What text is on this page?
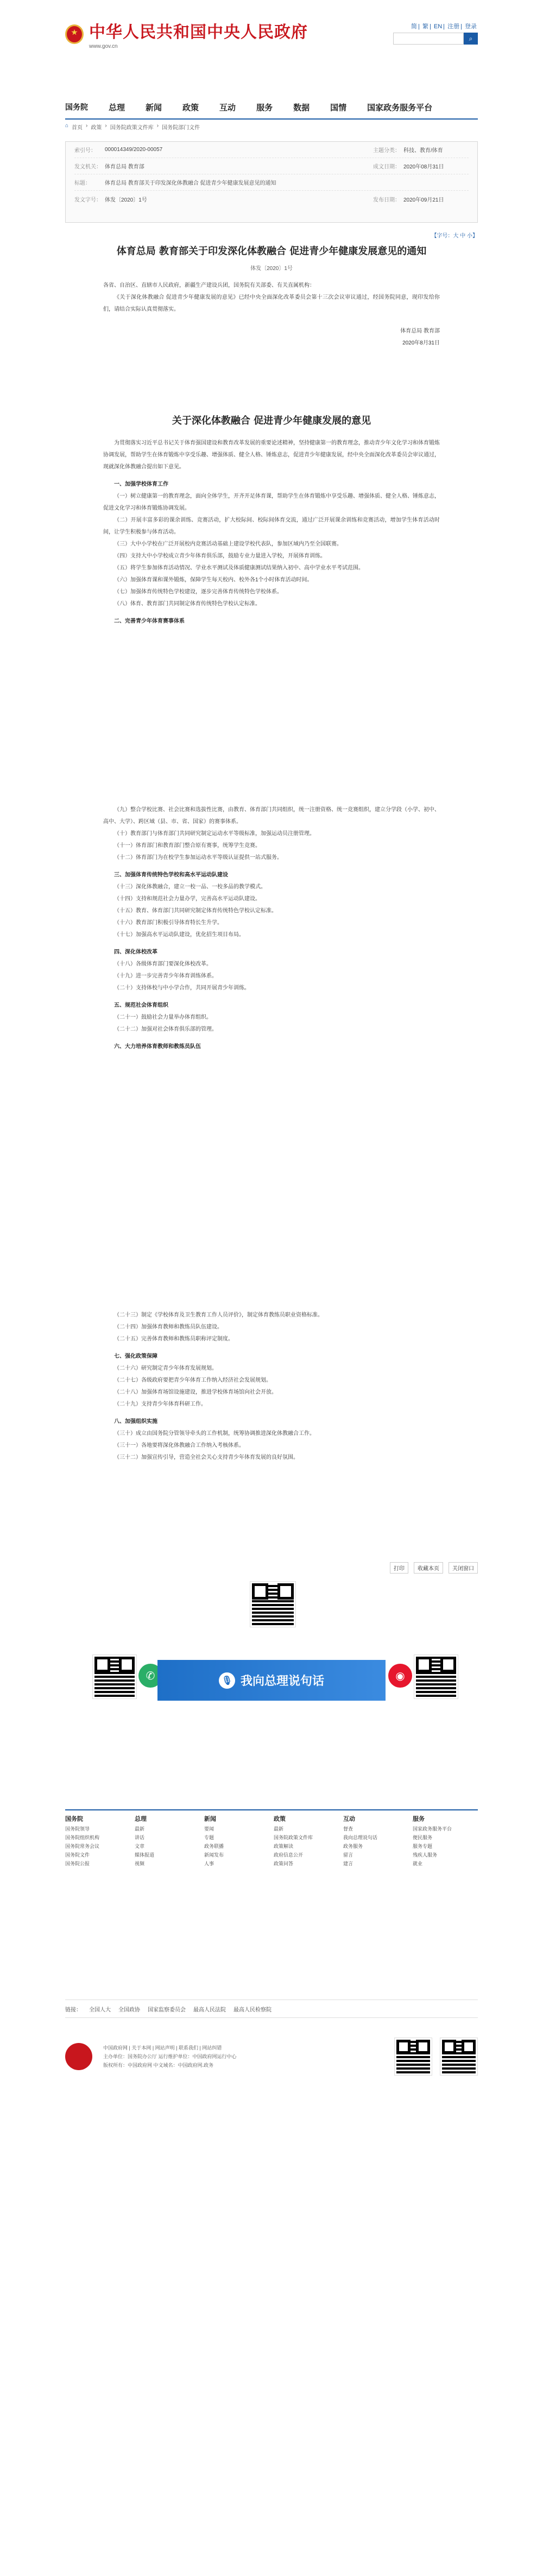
中华人民共和国中央人民政府
www.gov.cn
简 | 繁 | EN | 注册 | 登录
⌕
国务院	总理	新闻	政策	互动	服务	数据	国情	国家政务服务平台
⌂ 首页 › 政策 › 国务院政策文件库 › 国务院部门文件
索引号：	000014349/2020-00057	主题分类： 科技、教育/体育
发文机关： 体育总局 教育部	成文日期： 2020年08月31日
标题：	体育总局 教育部关于印发深化体教融合 促进青少年健康发展意见的通知
发文字号： 体发〔2020〕1号	发布日期： 2020年09月21日
【字号：大 中 小】
体育总局 教育部关于印发深化体教融合 促进青少年健康发展意见的通知
体发〔2020〕1号

各省、自治区、直辖市人民政府，新疆生产建设兵团，国务院有关部委、有关直属机构：

《关于深化体教融合 促进青少年健康发展的意见》已经中央全面深化改革委员会第十三次会议审议通过，经国务院同意，现印发给你们，请结合实际认真贯彻落实。

体育总局 教育部

2020年8月31日

关于深化体教融合 促进青少年健康发展的意见

为贯彻落实习近平总书记关于体育强国建设和教育改革发展的重要论述精神，坚持健康第一的教育理念，推动青少年文化学习和体育锻炼协调发展，帮助学生在体育锻炼中享受乐趣、增强体质、健全人格、锤炼意志，促进青少年健康发展，经中央全面深化改革委员会审议通过，现就深化体教融合提出如下意见。

一、加强学校体育工作

（一）树立健康第一的教育理念，面向全体学生，开齐开足体育课，帮助学生在体育锻炼中享受乐趣、增强体质、健全人格、锤炼意志，促进文化学习和体育锻炼协调发展。

（二）开展丰富多彩的课余训练、竞赛活动，扩大校际间、校际间体育交流，通过广泛开展课余训练和竞赛活动，增加学生体育活动时间，让学生积极参与体育活动。

（三）大中小学校在广泛开展校内竞赛活动基础上建设学校代表队，参加区域内乃至全国联赛。

（四）支持大中小学校成立青少年体育俱乐部，鼓励专业力量进入学校，开展体育训练。

（五）将学生参加体育活动情况、学业水平测试及体质健康测试结果纳入初中、高中学业水平考试范围。

（六）加强体育课和课外锻炼，保障学生每天校内、校外各1个小时体育活动时间。

（七）加强体育传统特色学校建设，逐步完善体育传统特色学校体系。

（八）体育、教育部门共同制定体育传统特色学校认定标准。

二、完善青少年体育赛事体系

（九）整合学校比赛、社会比赛和选拔性比赛，由教育、体育部门共同组织，统一注册资格、统一竞赛组织，建立分学段（小学、初中、高中、大学）、跨区域（县、市、省、国家）的赛事体系。

（十）教育部门与体育部门共同研究制定运动水平等级标准，加强运动员注册管理。

（十一）体育部门和教育部门整合原有赛事，统筹学生竞赛。

（十二）体育部门为在校学生参加运动水平等级认证提供一站式服务。

三、加强体育传统特色学校和高水平运动队建设

（十三）深化体教融合，建立一校一品、一校多品的教学模式。

（十四）支持和规范社会力量办学，完善高水平运动队建设。

（十五）教育、体育部门共同研究制定体育传统特色学校认定标准。

（十六）教育部门积极引导体育特长生升学。

（十七）加强高水平运动队建设，优化招生项目布局。

四、深化体校改革

（十八）各级体育部门要深化体校改革。

（十九）进一步完善青少年体育训练体系。

（二十）支持体校与中小学合作，共同开展青少年训练。

五、规范社会体育组织

（二十一）鼓励社会力量举办体育组织。

（二十二）加强对社会体育俱乐部的管理。

六、大力培养体育教师和教练员队伍

（二十三）制定《学校体育及卫生教育工作人员评价》，制定体育教练员职业资格标准。

（二十四）加强体育教师和教练员队伍建设。

（二十五）完善体育教师和教练员职称评定制度。

七、强化政策保障

（二十六）研究制定青少年体育发展规划。

（二十七）各级政府要把青少年体育工作纳入经济社会发展规划。

（二十八）加强体育场馆设施建设，推进学校体育场馆向社会开放。

（二十九）支持青少年体育科研工作。

八、加强组织实施

（三十）成立由国务院分管领导牵头的工作机制，统筹协调推进深化体教融合工作。

（三十一）各地要将深化体教融合工作纳入考核体系。

（三十二）加强宣传引导，营造全社会关心支持青少年体育发展的良好氛围。

打印	收藏本页	关闭窗口
✆	🎙 我向总理说句话	◉
国务院
国务院领导
国务院组织机构
国务院常务会议
国务院文件
国务院公报
总理
最新
讲话
文章
媒体报道
视频
新闻
要闻
专题
政务联播
新闻发布
人事
政策
最新
国务院政策文件库
政策解读
政府信息公开
政策问答
互动
督查
我向总理说句话
政务服务
留言
建言
服务
国家政务服务平台
便民服务
服务专题
残疾人服务
就业
链接： 全国人大 全国政协 国家监察委员会 最高人民法院 最高人民检察院
中国政府网 | 关于本网 | 网站声明 | 联系我们 | 网站纠错
主办单位：国务院办公厅 运行维护单位：中国政府网运行中心
版权所有：中国政府网 中文域名：中国政府网.政务
